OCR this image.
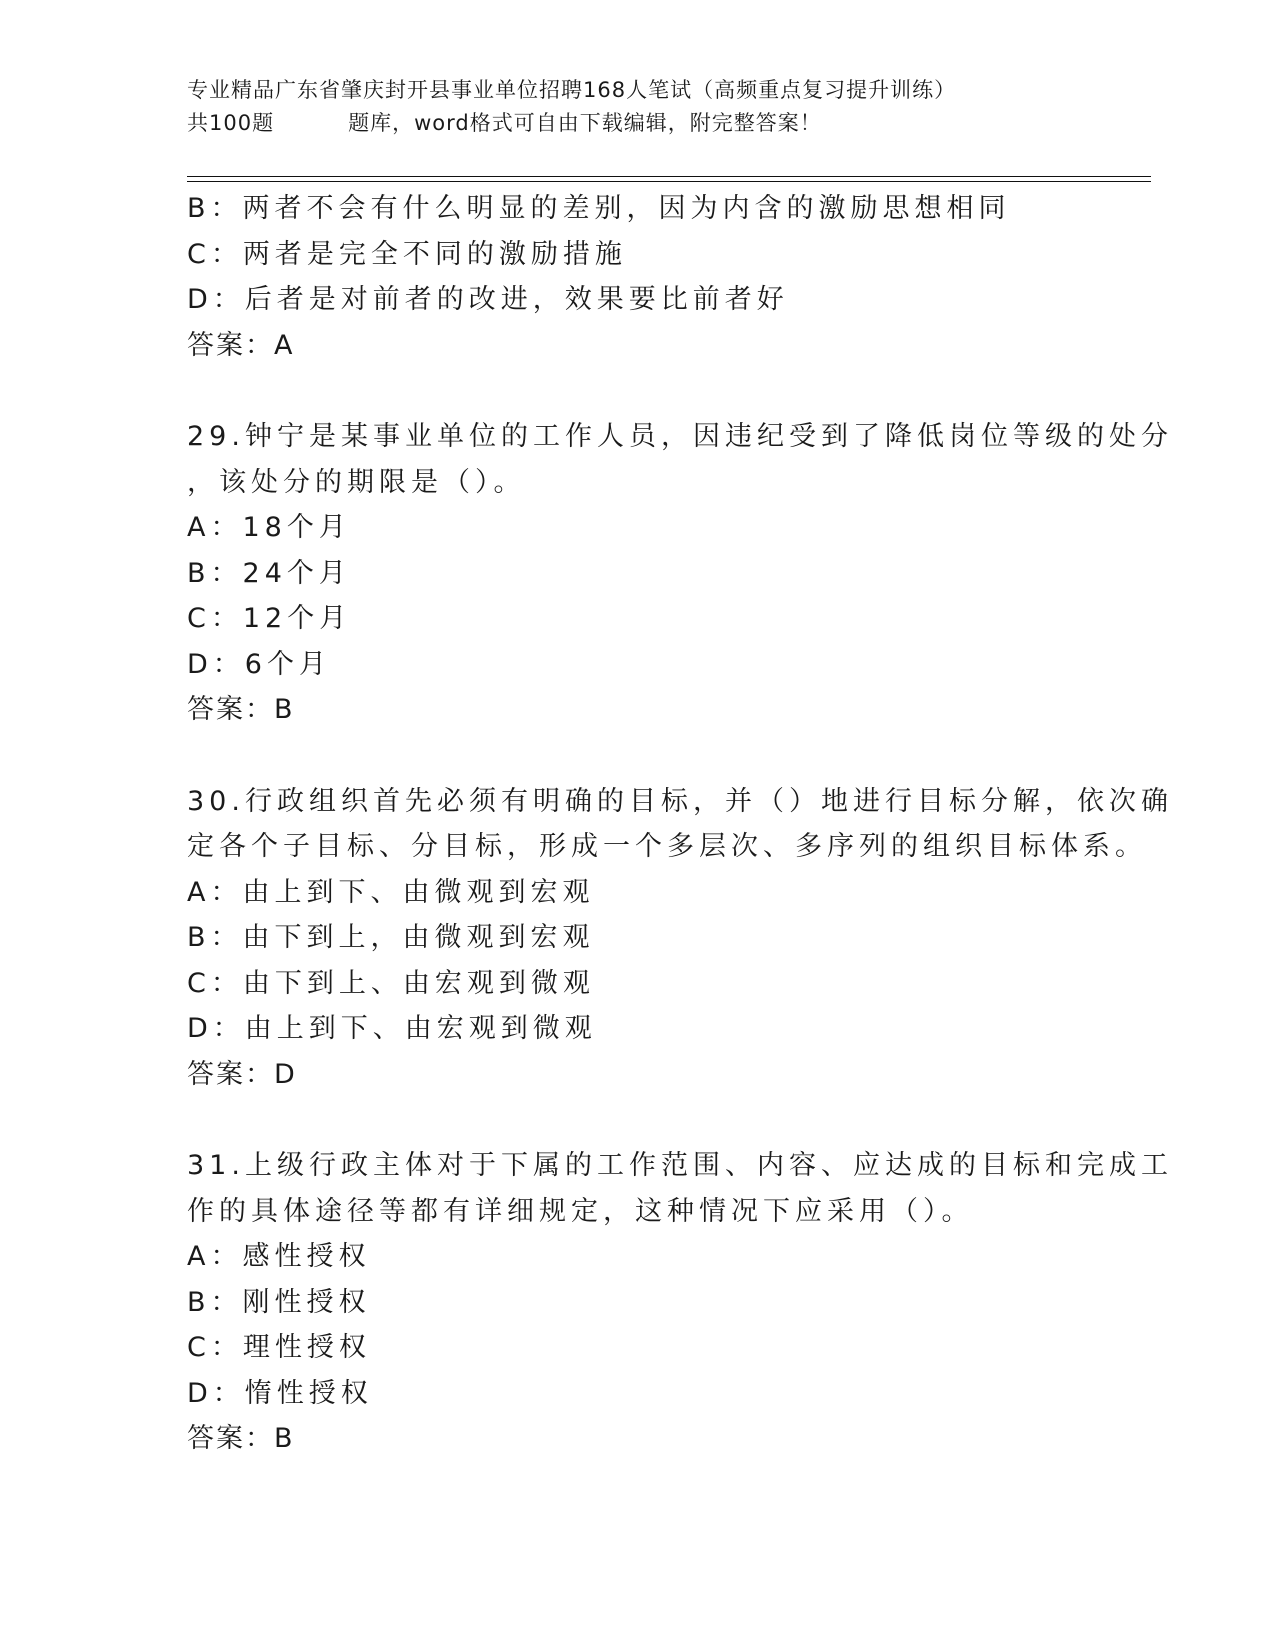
专业精品广东省肇庆封开县事业单位招聘168人笔试（高频重点复习提升训练）
共100题	题库，word格式可自由下载编辑，附完整答案！
B：两者不会有什么明显的差别，因为内含的激励思想相同
C：两者是完全不同的激励措施
D：后者是对前者的改进，效果要比前者好
答案：A
29.钟宁是某事业单位的工作人员，因违纪受到了降低岗位等级的处分
，该处分的期限是（）。
A：18个月
B：24个月
C：12个月
D：6个月
答案：B
30.行政组织首先必须有明确的目标，并（）地进行目标分解，依次确
定各个子目标、分目标，形成一个多层次、多序列的组织目标体系。
A：由上到下、由微观到宏观
B：由下到上，由微观到宏观
C：由下到上、由宏观到微观
D：由上到下、由宏观到微观
答案：D
31.上级行政主体对于下属的工作范围、内容、应达成的目标和完成工
作的具体途径等都有详细规定，这种情况下应采用（）。
A：感性授权
B：刚性授权
C：理性授权
D：惰性授权
答案：B
